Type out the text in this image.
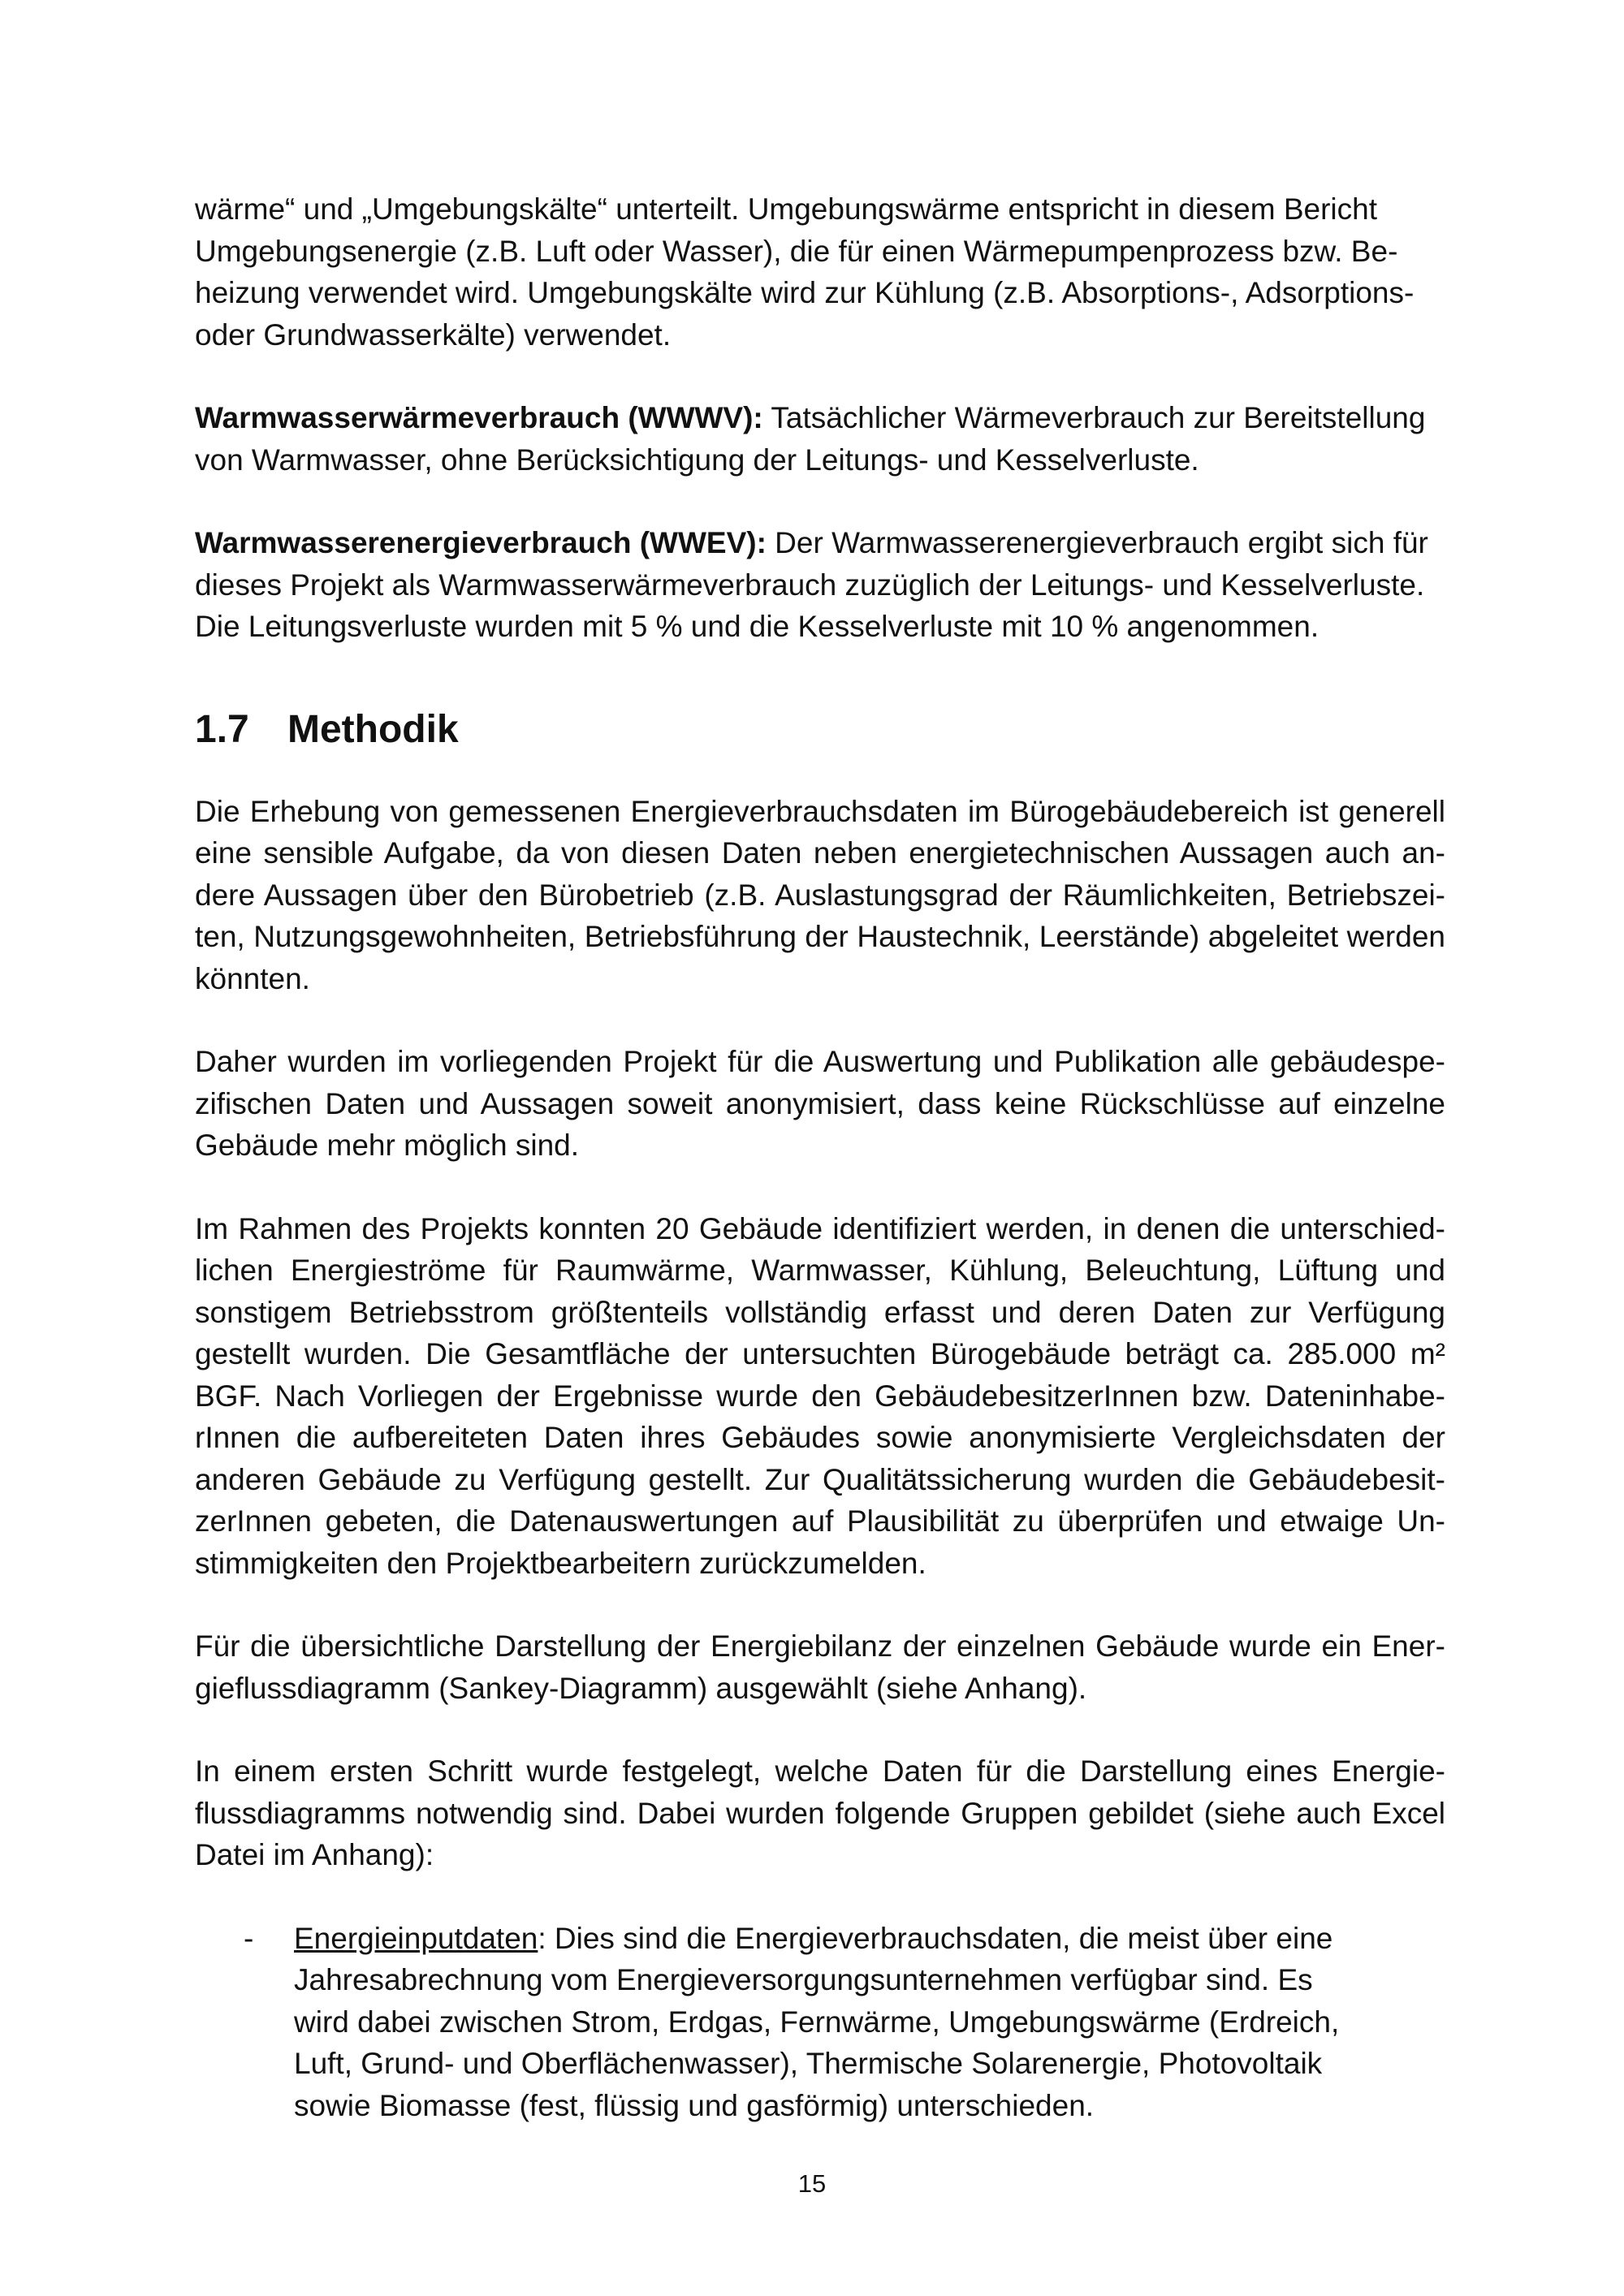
wärme“ und „Umgebungskälte“ unterteilt. Umgebungswärme entspricht in diesem Bericht Umgebungsenergie (z.B. Luft oder Wasser), die für einen Wärmepumpenprozess bzw. Beheizung verwendet wird. Umgebungskälte wird zur Kühlung (z.B. Absorptions-, Adsorptionsoder Grundwasserkälte) verwendet.

Warmwasserwärmeverbrauch (WWWV): Tatsächlicher Wärmeverbrauch zur Bereitstellung von Warmwasser, ohne Berücksichtigung der Leitungs- und Kesselverluste.

Warmwasserenergieverbrauch (WWEV): Der Warmwasserenergieverbrauch ergibt sich für dieses Projekt als Warmwasserwärmeverbrauch zuzüglich der Leitungs- und Kesselverluste. Die Leitungsverluste wurden mit 5 % und die Kesselverluste mit 10 % angenommen.

1.7 Methodik

Die Erhebung von gemessenen Energieverbrauchsdaten im Bürogebäudebereich ist generell eine sensible Aufgabe, da von diesen Daten neben energietechnischen Aussagen auch andere Aussagen über den Bürobetrieb (z.B. Auslastungsgrad der Räumlichkeiten, Betriebszeiten, Nutzungsgewohnheiten, Betriebsführung der Haustechnik, Leerstände) abgeleitet werden könnten.

Daher wurden im vorliegenden Projekt für die Auswertung und Publikation alle gebäudespezifischen Daten und Aussagen soweit anonymisiert, dass keine Rückschlüsse auf einzelne Gebäude mehr möglich sind.

Im Rahmen des Projekts konnten 20 Gebäude identifiziert werden, in denen die unterschiedlichen Energieströme für Raumwärme, Warmwasser, Kühlung, Beleuchtung, Lüftung und sonstigem Betriebsstrom größtenteils vollständig erfasst und deren Daten zur Verfügung gestellt wurden. Die Gesamtfläche der untersuchten Bürogebäude beträgt ca. 285.000 m² BGF. Nach Vorliegen der Ergebnisse wurde den GebäudebesitzerInnen bzw. DateninhaberInnen die aufbereiteten Daten ihres Gebäudes sowie anonymisierte Vergleichsdaten der anderen Gebäude zu Verfügung gestellt. Zur Qualitätssicherung wurden die GebäudebesitzerInnen gebeten, die Datenauswertungen auf Plausibilität zu überprüfen und etwaige Unstimmigkeiten den Projektbearbeitern zurückzumelden.

Für die übersichtliche Darstellung der Energiebilanz der einzelnen Gebäude wurde ein Energieflussdiagramm (Sankey-Diagramm) ausgewählt (siehe Anhang).

In einem ersten Schritt wurde festgelegt, welche Daten für die Darstellung eines Energieflussdiagramms notwendig sind. Dabei wurden folgende Gruppen gebildet (siehe auch Excel Datei im Anhang):

- Energieinputdaten: Dies sind die Energieverbrauchsdaten, die meist über eine Jahresabrechnung vom Energieversorgungsunternehmen verfügbar sind. Es wird dabei zwischen Strom, Erdgas, Fernwärme, Umgebungswärme (Erdreich, Luft, Grund- und Oberflächenwasser), Thermische Solarenergie, Photovoltaik sowie Biomasse (fest, flüssig und gasförmig) unterschieden.

15
